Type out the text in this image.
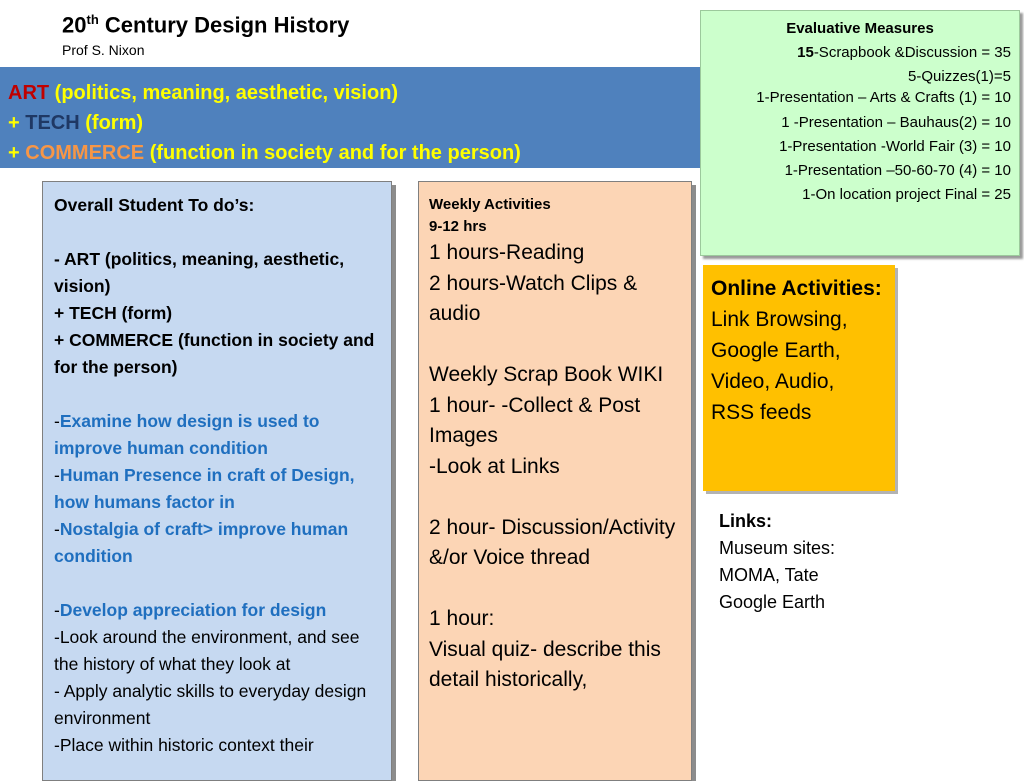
20th Century Design History
Prof S. Nixon
ART (politics, meaning, aesthetic, vision)
+ TECH (form)
+ COMMERCE (function in society and for the person)
Evaluative Measures
15-Scrapbook &Discussion = 35
5-Quizzes(1)=5
1-Presentation – Arts & Crafts (1) = 10
1 -Presentation – Bauhaus(2) = 10
1-Presentation -World Fair (3) = 10
1-Presentation –50-60-70 (4) = 10
1-On location project Final = 25
Overall Student To do’s:
- ART (politics, meaning, aesthetic, vision)
+ TECH (form)
+ COMMERCE (function in society and for the person)
-Examine how design is used to improve human condition
-Human Presence in craft of Design, how humans factor in
-Nostalgia of craft> improve human condition
-Develop appreciation for design
-Look around the environment, and see the history of what they look at
- Apply analytic skills to everyday design environment
-Place within historic context their
Weekly Activities
9-12 hrs
1 hours-Reading
2 hours-Watch Clips & audio
Weekly Scrap Book WIKI
1 hour- -Collect & Post Images
-Look at Links
2 hour- Discussion/Activity &/or Voice thread
1 hour:
Visual quiz- describe this detail historically,
Online Activities:
Link Browsing,
Google Earth,
Video, Audio,
RSS feeds
Links:
Museum sites:
MOMA, Tate
Google Earth
